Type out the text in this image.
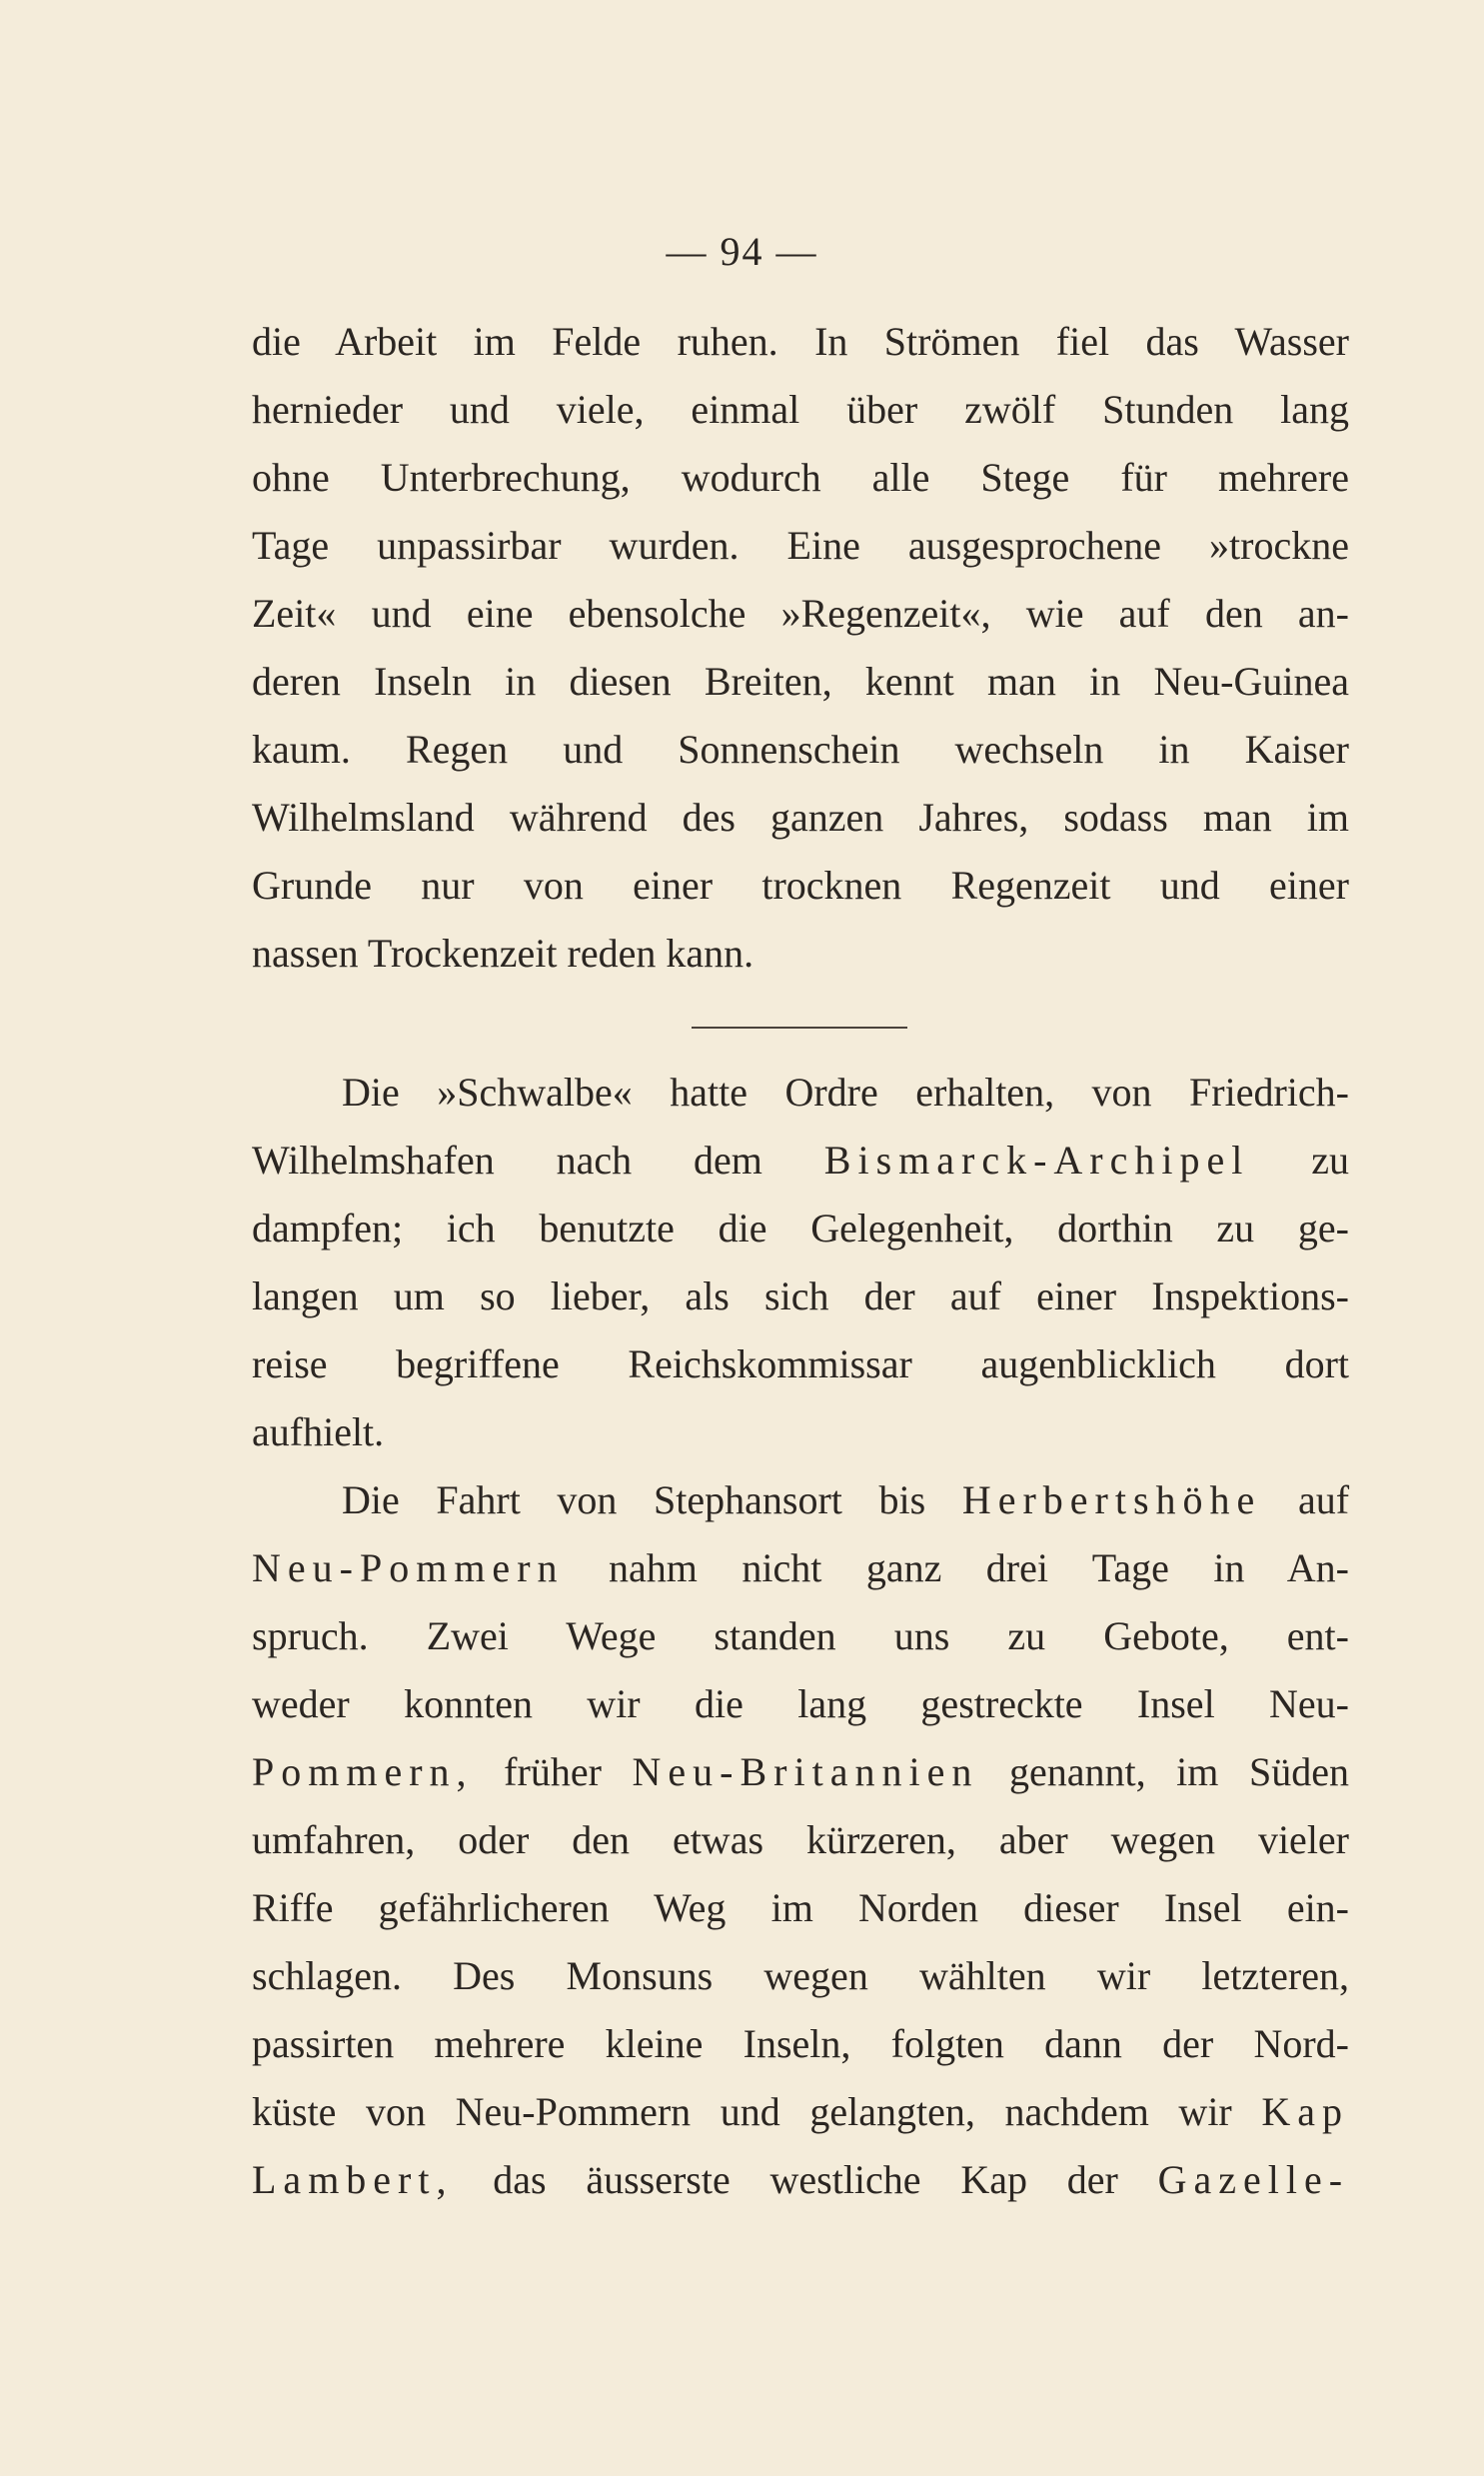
— 94 —
die Arbeit im Felde ruhen. In Strömen fiel das Wasser
hernieder und viele, einmal über zwölf Stunden lang
ohne Unterbrechung, wodurch alle Stege für mehrere
Tage unpassirbar wurden. Eine ausgesprochene »trockne
Zeit« und eine ebensolche »Regenzeit«, wie auf den an-
deren Inseln in diesen Breiten, kennt man in Neu-Guinea
kaum. Regen und Sonnenschein wechseln in Kaiser
Wilhelmsland während des ganzen Jahres, sodass man im
Grunde nur von einer trocknen Regenzeit und einer
nassen Trockenzeit reden kann.
Die »Schwalbe« hatte Ordre erhalten, von Friedrich-
Wilhelmshafen nach dem Bismarck-Archipel zu
dampfen; ich benutzte die Gelegenheit, dorthin zu ge-
langen um so lieber, als sich der auf einer Inspektions-
reise begriffene Reichskommissar augenblicklich dort
aufhielt.
Die Fahrt von Stephansort bis Herbertshöhe auf
Neu-Pommern nahm nicht ganz drei Tage in An-
spruch. Zwei Wege standen uns zu Gebote, ent-
weder konnten wir die lang gestreckte Insel Neu-
Pommern, früher Neu-Britannien genannt, im Süden
umfahren, oder den etwas kürzeren, aber wegen vieler
Riffe gefährlicheren Weg im Norden dieser Insel ein-
schlagen. Des Monsuns wegen wählten wir letzteren,
passirten mehrere kleine Inseln, folgten dann der Nord-
küste von Neu-Pommern und gelangten, nachdem wir Kap
Lambert, das äusserste westliche Kap der Gazelle-
